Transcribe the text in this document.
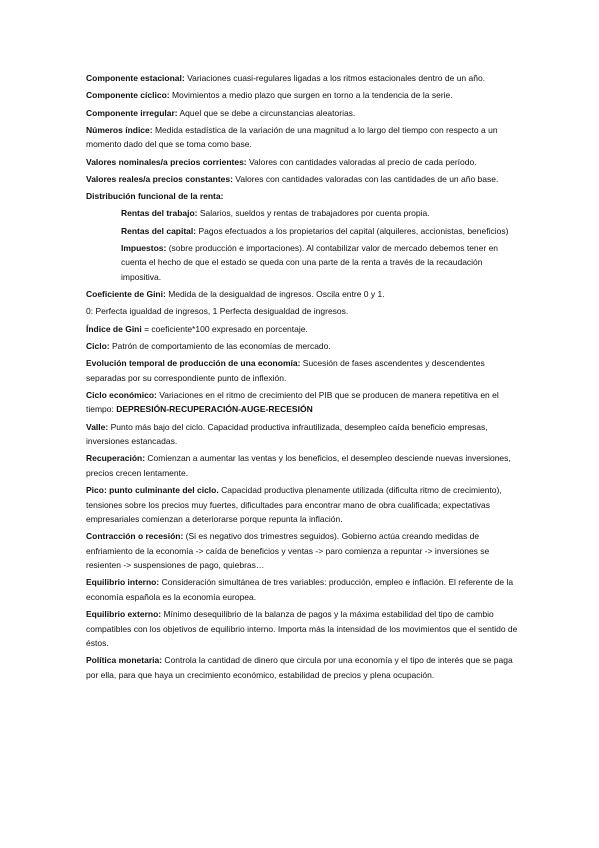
Componente estacional: Variaciones cuasi-regulares ligadas a los ritmos estacionales dentro de un año.

Componente cíclico: Movimientos a medio plazo que surgen en torno a la tendencia de la serie.

Componente irregular: Aquel que se debe a circunstancias aleatorias.

Números índice: Medida estadística de la variación de una magnitud a lo largo del tiempo con respecto a un momento dado del que se toma como base.

Valores nominales/a precios corrientes: Valores con cantidades valoradas al precio de cada período.

Valores reales/a precios constantes: Valores con cantidades valoradas con las cantidades de un año base.

Distribución funcional de la renta:

Rentas del trabajo: Salarios, sueldos y rentas de trabajadores por cuenta propia.

Rentas del capital: Pagos efectuados a los propietarios del capital (alquileres, accionistas, beneficios)

Impuestos: (sobre producción e importaciones). Al contabilizar valor de mercado debemos tener en cuenta el hecho de que el estado se queda con una parte de la renta a través de la recaudación impositiva.

Coeficiente de Gini: Medida de la desigualdad de ingresos. Oscila entre 0 y 1.

0: Perfecta igualdad de ingresos, 1 Perfecta desigualdad de ingresos.

Índice de Gini = coeficiente*100 expresado en porcentaje.

Ciclo: Patrón de comportamiento de las economías de mercado.

Evolución temporal de producción de una economía: Sucesión de fases ascendentes y descendentes separadas por su correspondiente punto de inflexión.

Ciclo económico: Variaciones en el ritmo de crecimiento del PIB que se producen de manera repetitiva en el tiempo: DEPRESIÓN-RECUPERACIÓN-AUGE-RECESIÓN

Valle: Punto más bajo del ciclo. Capacidad productiva infrautilizada, desempleo caída beneficio empresas, inversiones estancadas.

Recuperación: Comienzan a aumentar las ventas y los beneficios, el desempleo desciende nuevas inversiones, precios crecen lentamente.

Pico: punto culminante del ciclo. Capacidad productiva plenamente utilizada (dificulta ritmo de crecimiento), tensiones sobre los precios muy fuertes, dificultades para encontrar mano de obra cualificada; expectativas empresariales comienzan a deteriorarse porque repunta la inflación.

Contracción o recesión: (Si es negativo dos trimestres seguidos). Gobierno actúa creando medidas de enfriamiento de la economía -> caída de beneficios y ventas -> paro comienza a repuntar -> inversiones se resienten -> suspensiones de pago, quiebras…

Equilibrio interno: Consideración simultánea de tres variables: producción, empleo e inflación. El referente de la economía española es la economía europea.

Equilibrio externo: Mínimo desequilibrio de la balanza de pagos y la máxima estabilidad del tipo de cambio compatibles con los objetivos de equilibrio interno. Importa más la intensidad de los movimientos que el sentido de éstos.

Política monetaria: Controla la cantidad de dinero que circula por una economía y el tipo de interés que se paga por ella, para que haya un crecimiento económico, estabilidad de precios y plena ocupación.
